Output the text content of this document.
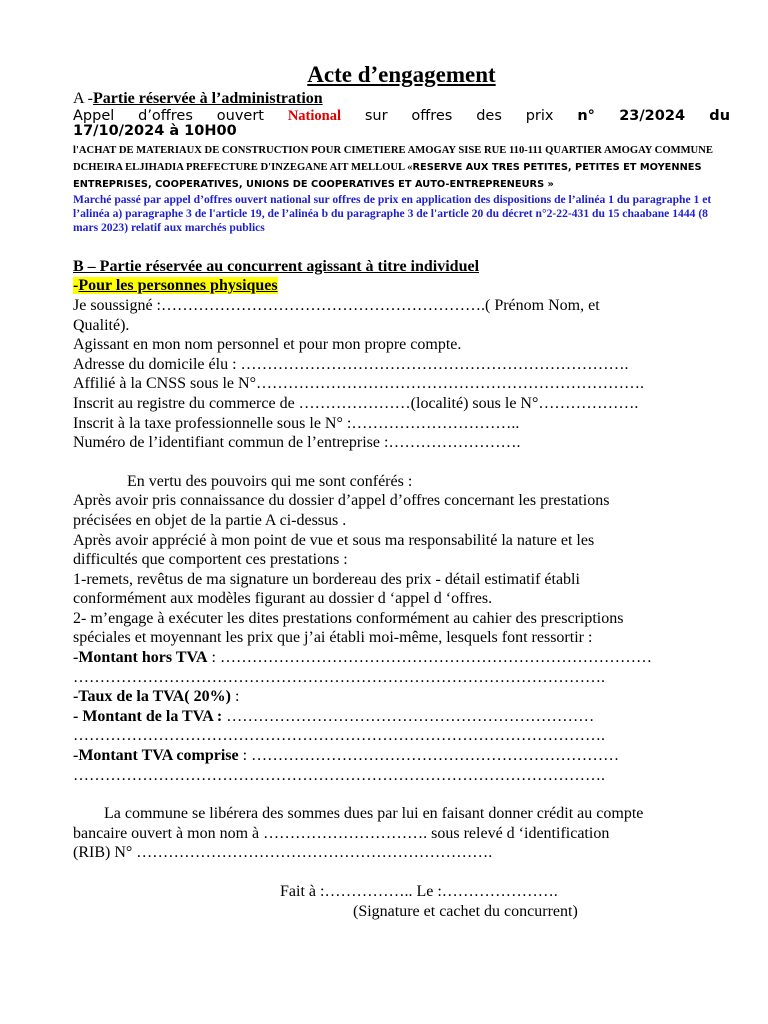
Acte d’engagement
A -Partie réservée à l’administration
Appel d’offres ouvert National sur offres des prix n° 23/2024 du
17/10/2024 à 10H00
l'ACHAT DE MATERIAUX DE CONSTRUCTION POUR CIMETIERE AMOGAY SISE RUE 110-111 QUARTIER AMOGAY COMMUNE DCHEIRA ELJIHADIA PREFECTURE D'INZEGANE AIT MELLOUL «RESERVE AUX TRES PETITES, PETITES ET MOYENNES ENTREPRISES, COOPERATIVES, UNIONS DE COOPERATIVES ET AUTO-ENTREPRENEURS »
Marché passé par appel d’offres ouvert national sur offres de prix en application des dispositions de l’alinéa 1 du paragraphe 1 et l’alinéa a) paragraphe 3 de l'article 19, de l’alinéa b du paragraphe 3 de l'article 20 du décret n°2-22-431 du 15 chaabane 1444 (8 mars 2023) relatif aux marchés publics
B – Partie réservée au concurrent agissant à titre individuel
-Pour les personnes physiques
Je soussigné :…………………………………………………….( Prénom Nom, et
Qualité).
Agissant en mon nom personnel et pour mon propre compte.
Adresse du domicile élu : ……………………………………………………………….
Affilié à la CNSS sous le N°……………………………………………………………….
Inscrit au registre du commerce de …………………(localité) sous le N°……………….
Inscrit à la taxe professionnelle sous le N° :…………………………..
Numéro de l’identifiant commun de l’entreprise :…………………….
En vertu des pouvoirs qui me sont conférés :
Après avoir pris connaissance du dossier d’appel d’offres concernant les prestations
précisées en objet de la partie A ci-dessus .
Après avoir apprécié à mon point de vue et sous ma responsabilité la nature et les
difficultés que comportent ces prestations :
1-remets, revêtus de ma signature un bordereau des prix - détail estimatif établi
conformément aux modèles figurant au dossier d ‘appel d ‘offres.
2- m’engage à exécuter les dites prestations conformément au cahier des prescriptions
spéciales et moyennant les prix que j’ai établi moi-même, lesquels font ressortir :
-Montant hors TVA : ………………………………………………………………………
……………………………………………………………………………………….
-Taux de la TVA( 20%) :
- Montant de la TVA : ……………………………………………………………
……………………………………………………………………………………….
-Montant TVA comprise : ……………………………………………………………
……………………………………………………………………………………….
La commune se libérera des sommes dues par lui en faisant donner crédit au compte
bancaire ouvert à mon nom à …………………………. sous relevé d ‘identification
(RIB) N° ………………………………………………………….
Fait à :…………….. Le :………………….
(Signature et cachet du concurrent)
